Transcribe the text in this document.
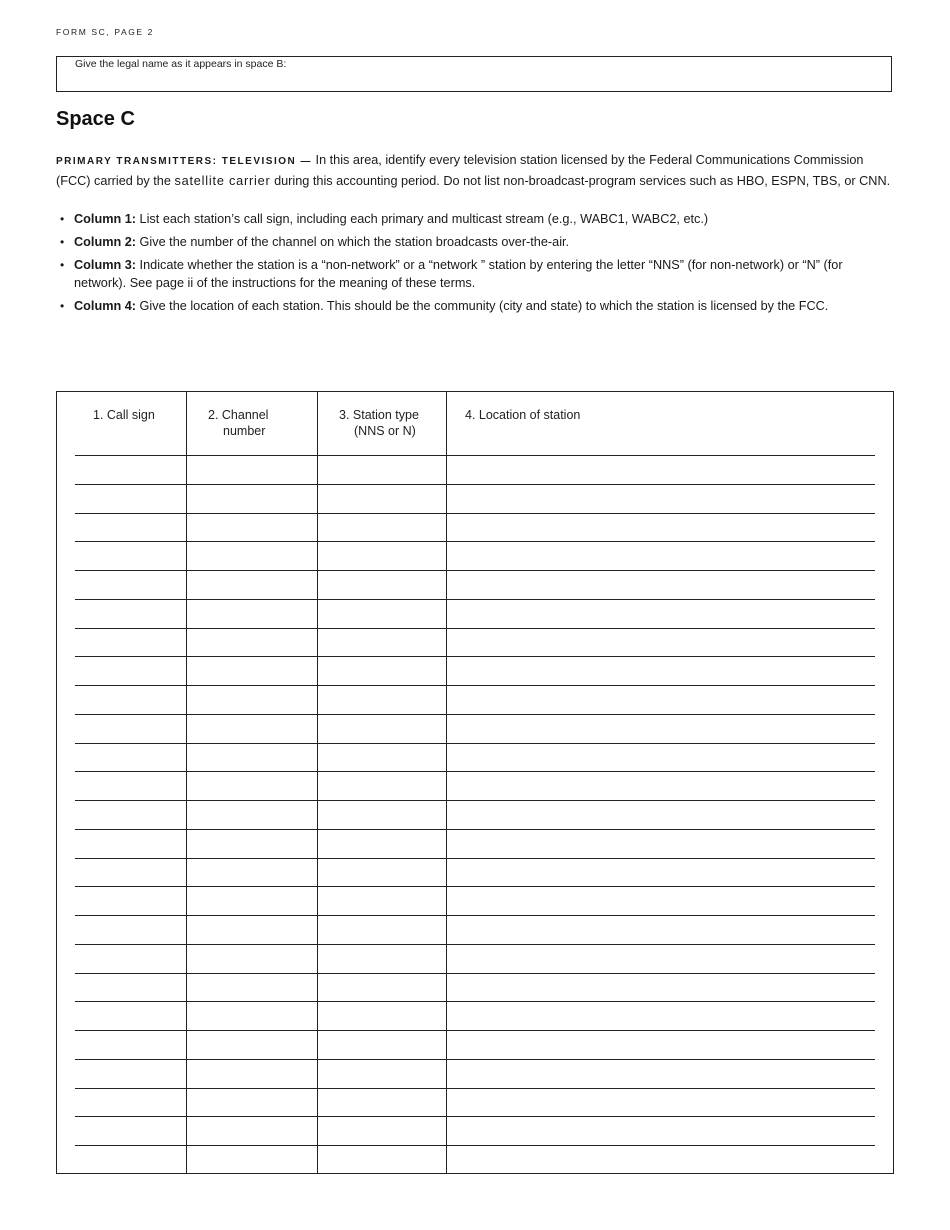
FORM SC, PAGE 2
Give the legal name as it appears in space B:
Space C
PRIMARY TRANSMITTERS: TELEVISION — In this area, identify every television station licensed by the Federal Communications Commission (FCC) carried by the satellite carrier during this accounting period. Do not list non-broadcast-program services such as HBO, ESPN, TBS, or CNN.
• Column 1: List each station’s call sign, including each primary and multicast stream (e.g., WABC1, WABC2, etc.)
• Column 2: Give the number of the channel on which the station broadcasts over-the-air.
• Column 3: Indicate whether the station is a “non-network” or a “network ” station by entering the letter “NNS” (for non-network) or “N” (for network). See page ii of the instructions for the meaning of these terms.
• Column 4: Give the location of each station. This should be the community (city and state) to which the station is licensed by the FCC.
1. Call sign	2. Channel
number
3. Station type
(NNS or N)
4. Location of station
